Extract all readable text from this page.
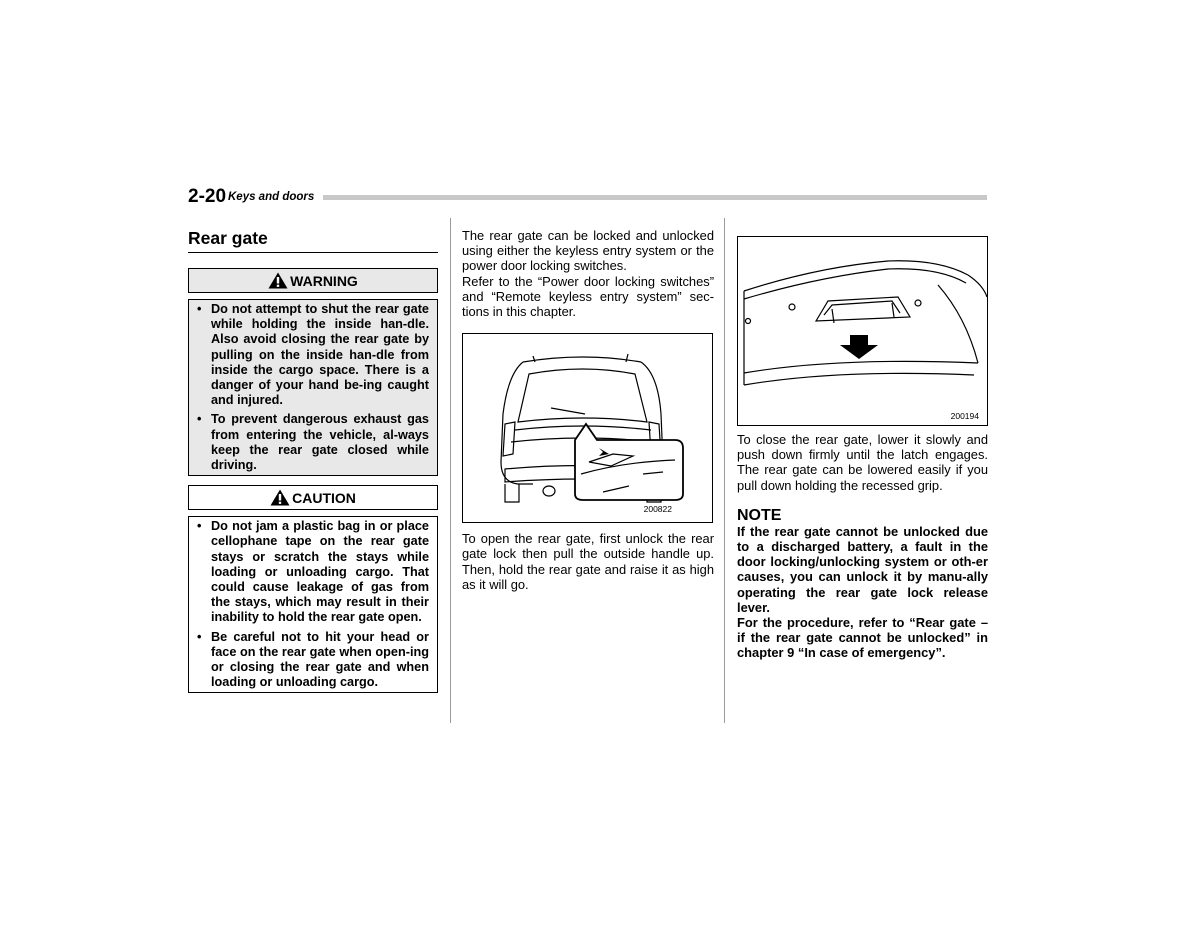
2-20 Keys and doors
Rear gate
WARNING
• Do not attempt to shut the rear gate while holding the inside han-dle. Also avoid closing the rear gate by pulling on the inside han-dle from inside the cargo space. There is a danger of your hand be-ing caught and injured.
• To prevent dangerous exhaust gas from entering the vehicle, al-ways keep the rear gate closed while driving.
CAUTION
• Do not jam a plastic bag in or place cellophane tape on the rear gate stays or scratch the stays while loading or unloading cargo. That could cause leakage of gas from the stays, which may result in their inability to hold the rear gate open.
• Be careful not to hit your head or face on the rear gate when open-ing or closing the rear gate and when loading or unloading cargo.

The rear gate can be locked and unlocked using either the keyless entry system or the power door locking switches.

Refer to the “Power door locking switches” and “Remote keyless entry system” sec-tions in this chapter.

200822

To open the rear gate, first unlock the rear gate lock then pull the outside handle up. Then, hold the rear gate and raise it as high as it will go.

200194

To close the rear gate, lower it slowly and push down firmly until the latch engages. The rear gate can be lowered easily if you pull down holding the recessed grip.

NOTE

If the rear gate cannot be unlocked due to a discharged battery, a fault in the door locking/unlocking system or oth-er causes, you can unlock it by manu-ally operating the rear gate lock release lever.

For the procedure, refer to “Rear gate – if the rear gate cannot be unlocked” in chapter 9 “In case of emergency”.
